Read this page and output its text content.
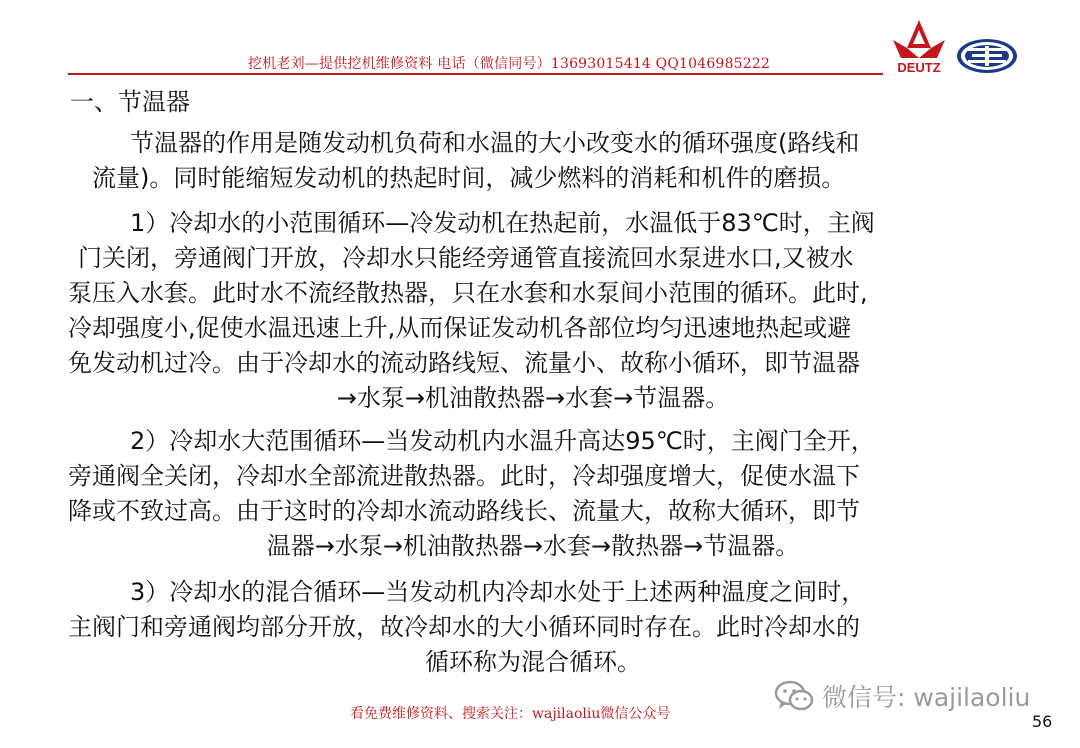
挖机老刘—提供挖机维修资料 电话（微信同号）13693015414 QQ1046985222	DEUTZ
一、节温器
节温器的作用是随发动机负荷和水温的大小改变水的循环强度(路线和
流量)。同时能缩短发动机的热起时间，减少燃料的消耗和机件的磨损。
1）冷却水的小范围循环—冷发动机在热起前，水温低于83℃时，主阀
门关闭，旁通阀门开放，冷却水只能经旁通管直接流回水泵进水口,又被水
泵压入水套。此时水不流经散热器，只在水套和水泵间小范围的循环。此时,
冷却强度小,促使水温迅速上升,从而保证发动机各部位均匀迅速地热起或避
免发动机过冷。由于冷却水的流动路线短、流量小、故称小循环，即节温器
→水泵→机油散热器→水套→节温器。
2）冷却水大范围循环—当发动机内水温升高达95℃时，主阀门全开，
旁通阀全关闭，冷却水全部流进散热器。此时，冷却强度增大，促使水温下
降或不致过高。由于这时的冷却水流动路线长、流量大，故称大循环，即节
温器→水泵→机油散热器→水套→散热器→节温器。
3）冷却水的混合循环—当发动机内冷却水处于上述两种温度之间时，
主阀门和旁通阀均部分开放，故冷却水的大小循环同时存在。此时冷却水的
循环称为混合循环。
看免费维修资料、搜索关注：wajilaoliu微信公众号
微信号: wajilaoliu
56
